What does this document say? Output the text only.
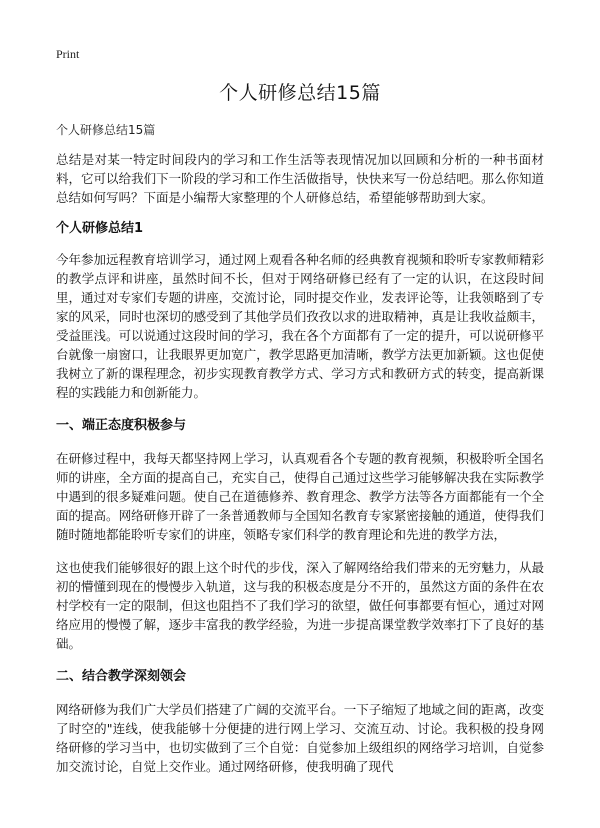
Print
个人研修总结15篇
个人研修总结15篇

总结是对某一特定时间段内的学习和工作生活等表现情况加以回顾和分析的一种书面材料，它可以给我们下一阶段的学习和工作生活做指导，快快来写一份总结吧。那么你知道总结如何写吗？下面是小编帮大家整理的个人研修总结，希望能够帮助到大家。

个人研修总结1

今年参加远程教育培训学习，通过网上观看各种名师的经典教育视频和聆听专家教师精彩的教学点评和讲座，虽然时间不长，但对于网络研修已经有了一定的认识，在这段时间里，通过对专家们专题的讲座，交流讨论，同时提交作业，发表评论等，让我领略到了专家的风采，同时也深切的感受到了其他学员们孜孜以求的进取精神，真是让我收益颇丰，受益匪浅。可以说通过这段时间的学习，我在各个方面都有了一定的提升，可以说研修平台就像一扇窗口，让我眼界更加宽广，教学思路更加清晰，教学方法更加新颖。这也促使我树立了新的课程理念，初步实现教育教学方式、学习方式和教研方式的转变，提高新课程的实践能力和创新能力。

一、端正态度积极参与

在研修过程中，我每天都坚持网上学习，认真观看各个专题的教育视频，积极聆听全国名师的讲座，全方面的提高自己，充实自己，使得自己通过这些学习能够解决我在实际教学中遇到的很多疑难问题。使自己在道德修养、教育理念、教学方法等各方面都能有一个全面的提高。网络研修开辟了一条普通教师与全国知名教育专家紧密接触的通道，使得我们随时随地都能聆听专家们的讲座，领略专家们科学的教育理论和先进的教学方法，

这也使我们能够很好的跟上这个时代的步伐，深入了解网络给我们带来的无穷魅力，从最初的懵懂到现在的慢慢步入轨道，这与我的积极态度是分不开的，虽然这方面的条件在农村学校有一定的限制，但这也阻挡不了我们学习的欲望，做任何事都要有恒心，通过对网络应用的慢慢了解，逐步丰富我的教学经验，为进一步提高课堂教学效率打下了良好的基础。

二、结合教学深刻领会

网络研修为我们广大学员们搭建了广阔的交流平台。一下子缩短了地域之间的距离，改变了时空的"连线，使我能够十分便捷的进行网上学习、交流互动、讨论。我积极的投身网络研修的学习当中，也切实做到了三个自觉：自觉参加上级组织的网络学习培训，自觉参加交流讨论，自觉上交作业。通过网络研修，使我明确了现代
